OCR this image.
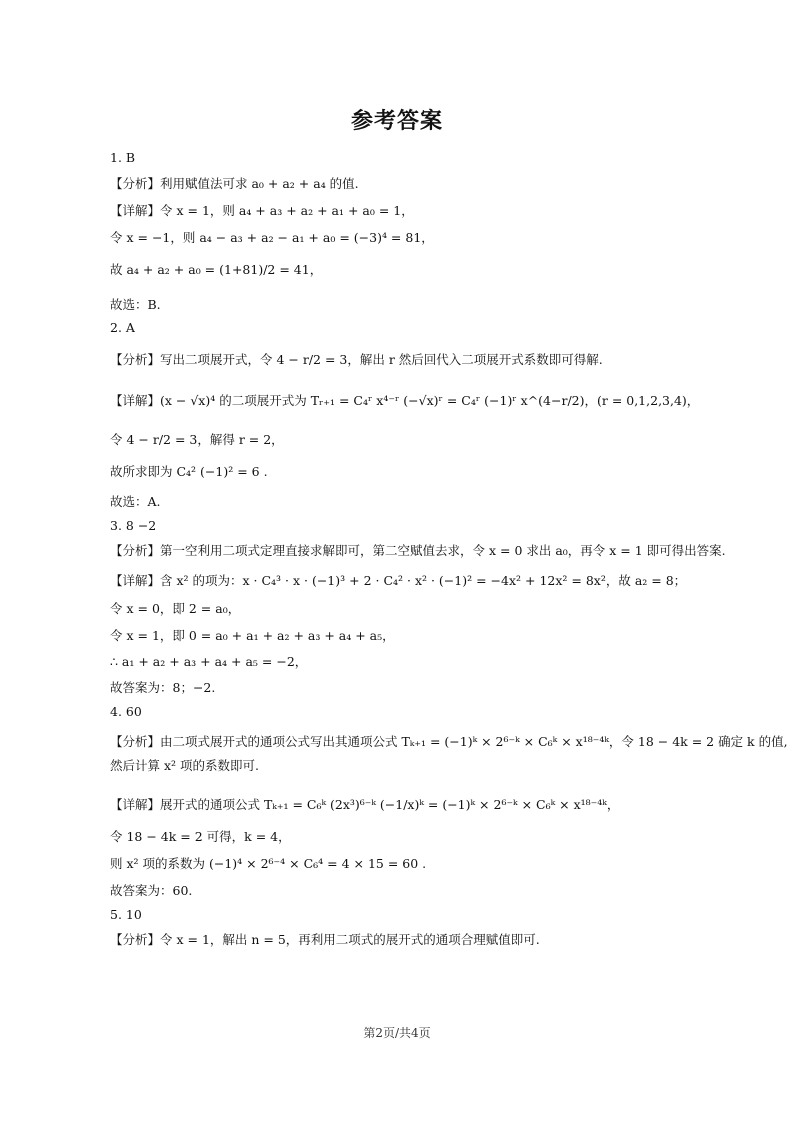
参考答案
1. B
【分析】利用赋值法可求 a₀ + a₂ + a₄ 的值.
【详解】令 x = 1，则 a₄ + a₃ + a₂ + a₁ + a₀ = 1，
令 x = −1，则 a₄ − a₃ + a₂ − a₁ + a₀ = (−3)⁴ = 81，
故 a₄ + a₂ + a₀ = (1+81)/2 = 41，
故选：B.
2. A
【分析】写出二项展开式，令 4 − r/2 = 3，解出 r 然后回代入二项展开式系数即可得解.
【详解】(x − √x)⁴ 的二项展开式为 Tᵣ₊₁ = C₄ʳ x⁴⁻ʳ (−√x)ʳ = C₄ʳ (−1)ʳ x^(4−r/2)，(r = 0,1,2,3,4)，
令 4 − r/2 = 3，解得 r = 2，
故所求即为 C₄² (−1)² = 6 .
故选：A.
3. 8 −2
【分析】第一空利用二项式定理直接求解即可，第二空赋值去求，令 x = 0 求出 a₀，再令 x = 1 即可得出答案.
【详解】含 x² 的项为：x · C₄³ · x · (−1)³ + 2 · C₄² · x² · (−1)² = −4x² + 12x² = 8x²，故 a₂ = 8；
令 x = 0，即 2 = a₀，
令 x = 1，即 0 = a₀ + a₁ + a₂ + a₃ + a₄ + a₅，
∴ a₁ + a₂ + a₃ + a₄ + a₅ = −2，
故答案为：8；−2.
4. 60
【分析】由二项式展开式的通项公式写出其通项公式 Tₖ₊₁ = (−1)ᵏ × 2⁶⁻ᵏ × C₆ᵏ × x¹⁸⁻⁴ᵏ，令 18 − 4k = 2 确定 k 的值,
然后计算 x² 项的系数即可.
【详解】展开式的通项公式 Tₖ₊₁ = C₆ᵏ (2x³)⁶⁻ᵏ (−1/x)ᵏ = (−1)ᵏ × 2⁶⁻ᵏ × C₆ᵏ × x¹⁸⁻⁴ᵏ，
令 18 − 4k = 2 可得，k = 4，
则 x² 项的系数为 (−1)⁴ × 2⁶⁻⁴ × C₆⁴ = 4 × 15 = 60 .
故答案为：60.
5. 10
【分析】令 x = 1，解出 n = 5，再利用二项式的展开式的通项合理赋值即可.
第2页/共4页
